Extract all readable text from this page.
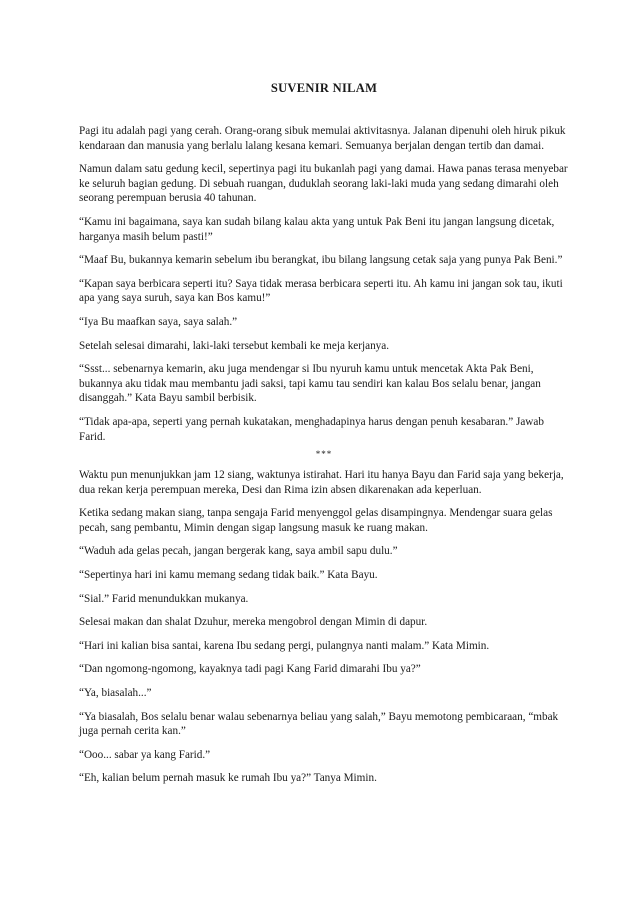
SUVENIR NILAM

Pagi itu adalah pagi yang cerah. Orang-orang sibuk memulai aktivitasnya. Jalanan dipenuhi oleh hiruk pikuk kendaraan dan manusia yang berlalu lalang kesana kemari. Semuanya berjalan dengan tertib dan damai.

Namun dalam satu gedung kecil, sepertinya pagi itu bukanlah pagi yang damai. Hawa panas terasa menyebar ke seluruh bagian gedung. Di sebuah ruangan, duduklah seorang laki-laki muda yang sedang dimarahi oleh seorang perempuan berusia 40 tahunan.

“Kamu ini bagaimana, saya kan sudah bilang kalau akta yang untuk Pak Beni itu jangan langsung dicetak, harganya masih belum pasti!”

“Maaf Bu, bukannya kemarin sebelum ibu berangkat, ibu bilang langsung cetak saja yang punya Pak Beni.”

“Kapan saya berbicara seperti itu? Saya tidak merasa berbicara seperti itu. Ah kamu ini jangan sok tau, ikuti apa yang saya suruh, saya kan Bos kamu!”

“Iya Bu maafkan saya, saya salah.”

Setelah selesai dimarahi, laki-laki tersebut kembali ke meja kerjanya.

“Ssst... sebenarnya kemarin, aku juga mendengar si Ibu nyuruh kamu untuk mencetak Akta Pak Beni, bukannya aku tidak mau membantu jadi saksi, tapi kamu tau sendiri kan kalau Bos selalu benar, jangan disanggah.” Kata Bayu sambil berbisik.

“Tidak apa-apa, seperti yang pernah kukatakan, menghadapinya harus dengan penuh kesabaran.” Jawab Farid.

***

Waktu pun menunjukkan jam 12 siang, waktunya istirahat. Hari itu hanya Bayu dan Farid saja yang bekerja, dua rekan kerja perempuan mereka, Desi dan Rima izin absen dikarenakan ada keperluan.

Ketika sedang makan siang, tanpa sengaja Farid menyenggol gelas disampingnya. Mendengar suara gelas pecah, sang pembantu, Mimin dengan sigap langsung masuk ke ruang makan.

“Waduh ada gelas pecah, jangan bergerak kang, saya ambil sapu dulu.”

“Sepertinya hari ini kamu memang sedang tidak baik.” Kata Bayu.

“Sial.” Farid menundukkan mukanya.

Selesai makan dan shalat Dzuhur, mereka mengobrol dengan Mimin di dapur.

“Hari ini kalian bisa santai, karena Ibu sedang pergi, pulangnya nanti malam.” Kata Mimin.

“Dan ngomong-ngomong, kayaknya tadi pagi Kang Farid dimarahi Ibu ya?”

“Ya, biasalah...”

“Ya biasalah, Bos selalu benar walau sebenarnya beliau yang salah,” Bayu memotong pembicaraan, “mbak juga pernah cerita kan.”

“Ooo... sabar ya kang Farid.”

“Eh, kalian belum pernah masuk ke rumah Ibu ya?” Tanya Mimin.
